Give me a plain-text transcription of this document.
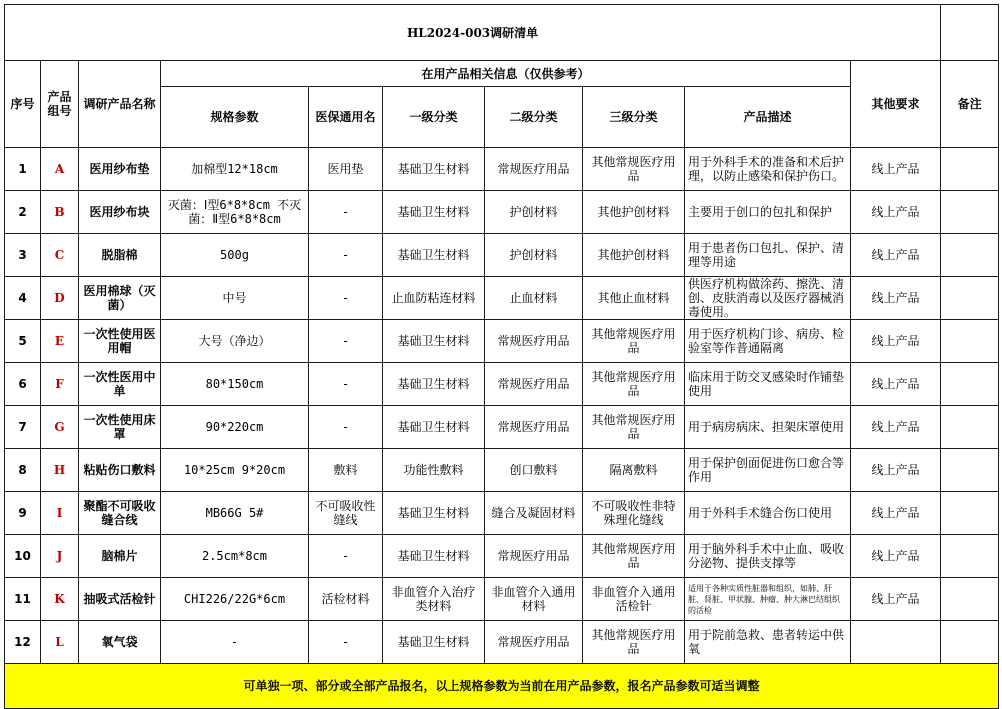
HL2024-003调研清单										
序号	产品组号	调研产品名称	在用产品相关信息（仅供参考）						其他要求	备注
			规格参数	医保通用名	一级分类	二级分类	三级分类	产品描述		
1	A	医用纱布垫	加棉型12*18cm	医用垫	基础卫生材料	常规医疗用品	其他常规医疗用品	用于外科手术的准备和术后护理，以防止感染和保护伤口。	线上产品	
2	B	医用纱布块	灭菌：Ⅰ型6*8*8cm 不灭菌：Ⅱ型6*8*8cm	-	基础卫生材料	护创材料	其他护创材料	主要用于创口的包扎和保护	线上产品	
3	C	脱脂棉	500g	-	基础卫生材料	护创材料	其他护创材料	用于患者伤口包扎、保护、清理等用途	线上产品	
4	D	医用棉球（灭菌）	中号	-	止血防粘连材料	止血材料	其他止血材料	供医疗机构做涂药、擦洗、清创、皮肤消毒以及医疗器械消毒使用。	线上产品	
5	E	一次性使用医用帽	大号（净边）	-	基础卫生材料	常规医疗用品	其他常规医疗用品	用于医疗机构门诊、病房、检验室等作普通隔离	线上产品	
6	F	一次性医用中单	80*150cm	-	基础卫生材料	常规医疗用品	其他常规医疗用品	临床用于防交叉感染时作铺垫使用	线上产品	
7	G	一次性使用床罩	90*220cm	-	基础卫生材料	常规医疗用品	其他常规医疗用品	用于病房病床、担架床罩使用	线上产品	
8	H	粘贴伤口敷料	10*25cm 9*20cm	敷料	功能性敷料	创口敷料	隔离敷料	用于保护创面促进伤口愈合等作用	线上产品	
9	I	聚酯不可吸收缝合线	MB66G 5#	不可吸收性缝线	基础卫生材料	缝合及凝固材料	不可吸收性非特殊理化缝线	用于外科手术缝合伤口使用	线上产品	
10	J	脑棉片	2.5cm*8cm	-	基础卫生材料	常规医疗用品	其他常规医疗用品	用于脑外科手术中止血、吸收分泌物、提供支撑等	线上产品	
11	K	抽吸式活检针	CHI226/22G*6cm	活检材料	非血管介入治疗类材料	非血管介入通用材料	非血管介入通用活检针	适用于各种实质性脏器和组织，如肺、肝脏、肾脏、甲状腺、肿瘤、肿大淋巴结组织的活检	线上产品	
12	L	氧气袋	-	-	基础卫生材料	常规医疗用品	其他常规医疗用品	用于院前急救、患者转运中供氧		
可单独一项、部分或全部产品报名，以上规格参数为当前在用产品参数，报名产品参数可适当调整										
